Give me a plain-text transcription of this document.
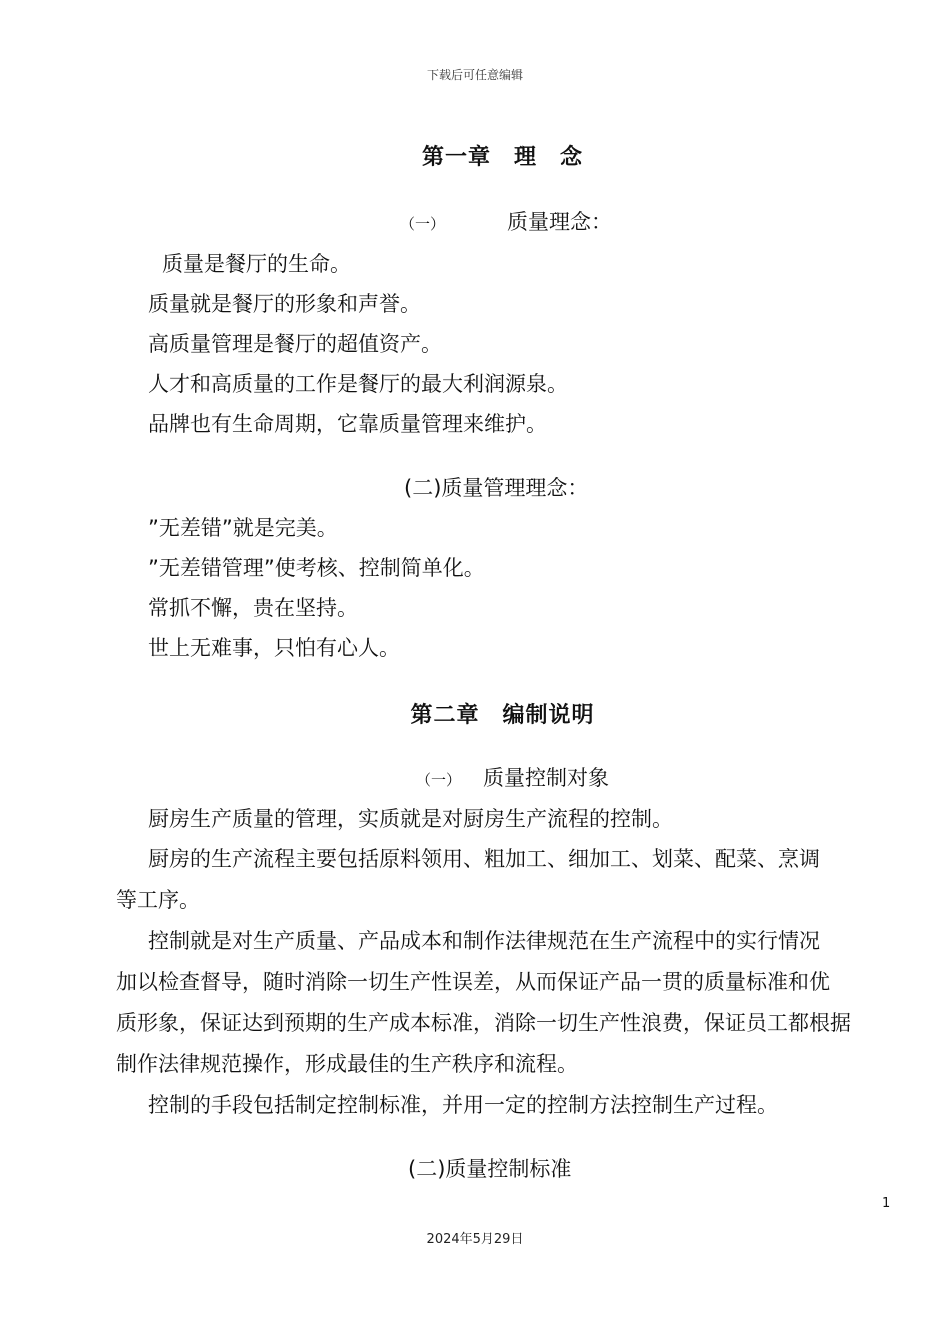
下载后可任意编辑
第一章　理　念
（一）	质量理念：
质量是餐厅的生命。
质量就是餐厅的形象和声誉。
高质量管理是餐厅的超值资产。
人才和高质量的工作是餐厅的最大利润源泉。
品牌也有生命周期，它靠质量管理来维护。
(二)质量管理理念：
”无差错”就是完美。
”无差错管理”使考核、控制简单化。
常抓不懈，贵在坚持。
世上无难事，只怕有心人。
第二章　编制说明
（一） 质量控制对象
厨房生产质量的管理，实质就是对厨房生产流程的控制。
厨房的生产流程主要包括原料领用、粗加工、细加工、划菜、配菜、烹调
等工序。
控制就是对生产质量、产品成本和制作法律规范在生产流程中的实行情况
加以检查督导，随时消除一切生产性误差，从而保证产品一贯的质量标准和优
质形象，保证达到预期的生产成本标准，消除一切生产性浪费，保证员工都根据
制作法律规范操作，形成最佳的生产秩序和流程。
控制的手段包括制定控制标准，并用一定的控制方法控制生产过程。
(二)质量控制标准
1
2024年5月29日
